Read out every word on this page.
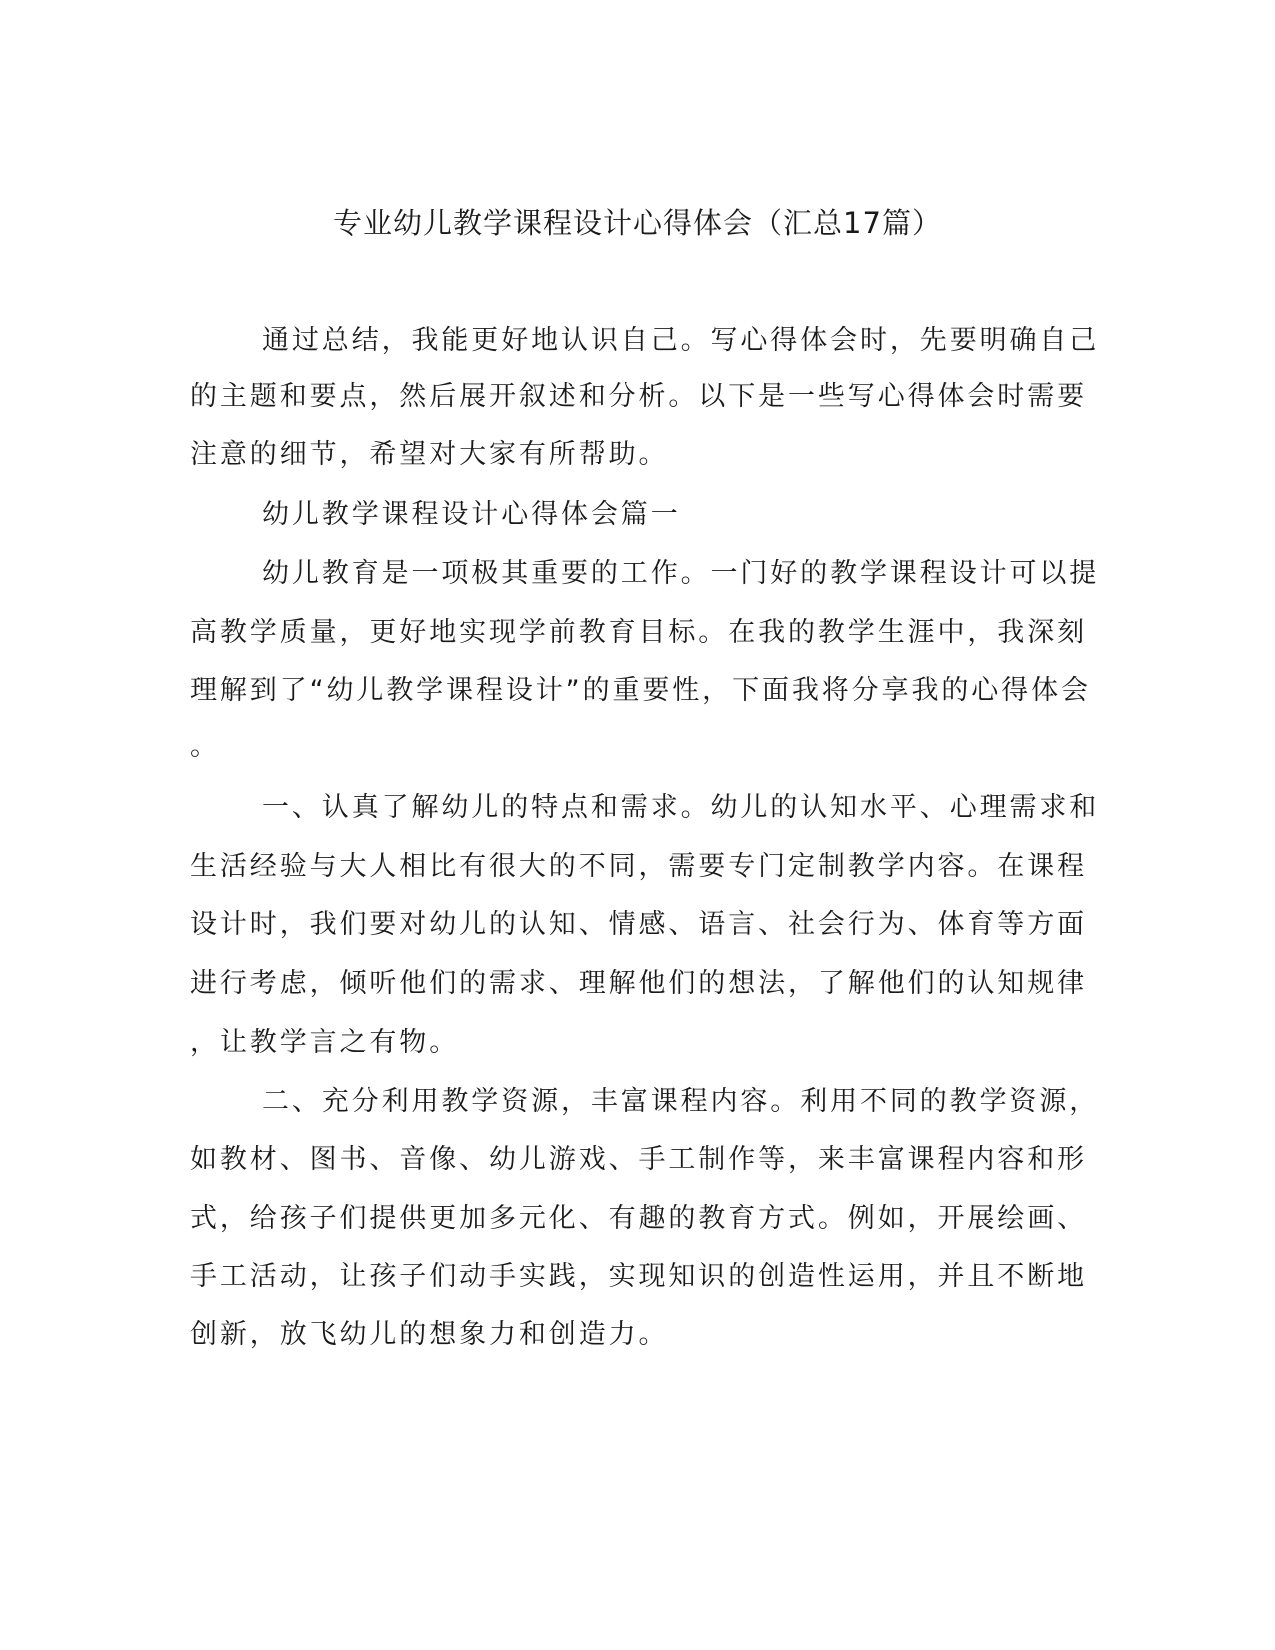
专业幼儿教学课程设计心得体会（汇总17篇）

通过总结，我能更好地认识自己。写心得体会时，先要明确自己

的主题和要点，然后展开叙述和分析。以下是一些写心得体会时需要

注意的细节，希望对大家有所帮助。

幼儿教学课程设计心得体会篇一

幼儿教育是一项极其重要的工作。一门好的教学课程设计可以提

高教学质量，更好地实现学前教育目标。在我的教学生涯中，我深刻

理解到了“幼儿教学课程设计”的重要性，下面我将分享我的心得体会

。

一、认真了解幼儿的特点和需求。幼儿的认知水平、心理需求和

生活经验与大人相比有很大的不同，需要专门定制教学内容。在课程

设计时，我们要对幼儿的认知、情感、语言、社会行为、体育等方面

进行考虑，倾听他们的需求、理解他们的想法，了解他们的认知规律

，让教学言之有物。

二、充分利用教学资源，丰富课程内容。利用不同的教学资源，

如教材、图书、音像、幼儿游戏、手工制作等，来丰富课程内容和形

式，给孩子们提供更加多元化、有趣的教育方式。例如，开展绘画、

手工活动，让孩子们动手实践，实现知识的创造性运用，并且不断地

创新，放飞幼儿的想象力和创造力。
